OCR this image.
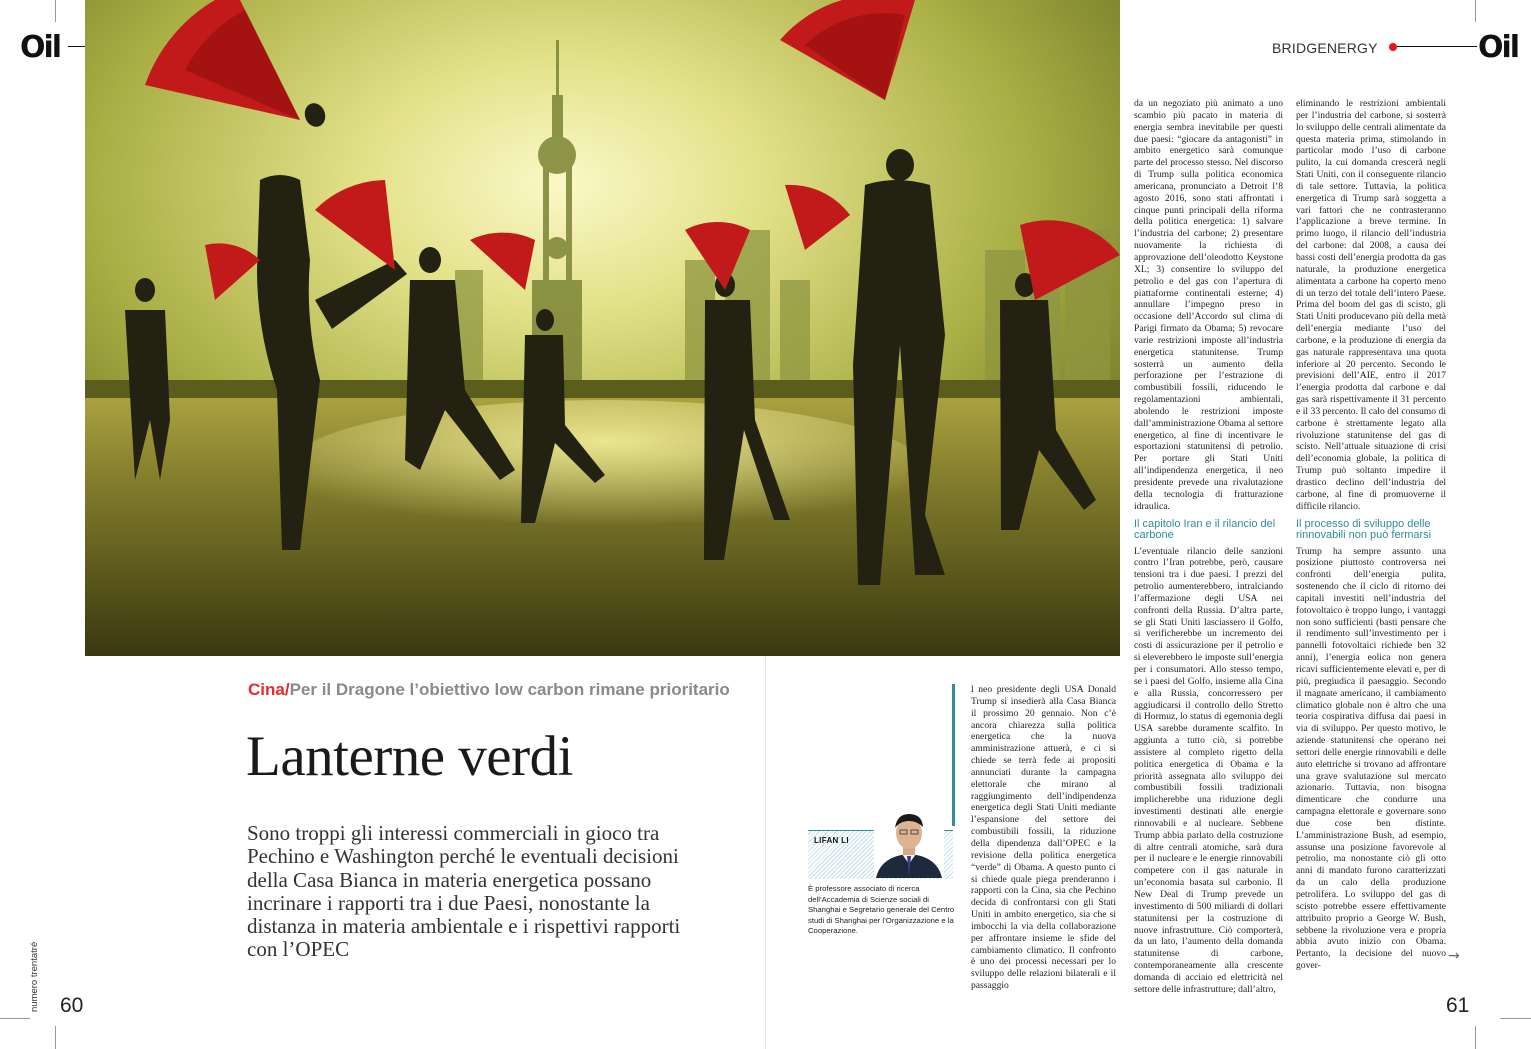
Oil	BRIDGENERGY	Oil
Cina/Per il Dragone l’obiettivo low carbon rimane prioritario
Lanterne verdi
Sono troppi gli interessi commerciali in gioco tra Pechino e Washington perché le eventuali decisioni della Casa Bianca in materia energetica possano incrinare i rapporti tra i due Paesi, nonostante la distanza in materia ambientale e i rispettivi rapporti con l’OPEC
LIFAN LI
È professore associato di ricerca dell’Accademia di Scienze sociali di Shanghai e Segretario generale del Centro studi di Shanghai per l’Organizzazione e la Cooperazione.

l neo presidente degli USA Donald Trump si insedierà alla Casa Bianca il prossimo 20 gennaio. Non c’è ancora chiarezza sulla politica energetica che la nuova amministrazione attuerà, e ci si chiede se terrà fede ai propositi annunciati durante la campagna elettorale che mirano al raggiungimento dell’indipendenza energetica degli Stati Uniti mediante l’espansione del settore dei combustibili fossili, la riduzione della dipendenza dall’OPEC e la revisione della politica energetica “verde” di Obama. A questo punto ci si chiede quale piega prenderanno i rapporti con la Cina, sia che Pechino decida di confrontarsi con gli Stati Uniti in ambito energetico, sia che si imbocchi la via della collaborazione per affrontare insieme le sfide del cambiamento climatico. Il confronto è uno dei processi necessari per lo sviluppo delle relazioni bilaterali e il passaggio

da un negoziato più animato a uno scambio più pacato in materia di energia sembra inevitabile per questi due paesi: “giocare da antagonisti” in ambito energetico sarà comunque parte del processo stesso. Nel discorso di Trump sulla politica economica americana, pronunciato a Detroit l’8 agosto 2016, sono stati affrontati i cinque punti principali della riforma della politica energetica: 1) salvare l’industria del carbone; 2) presentare nuovamente la richiesta di approvazione dell’oleodotto Keystone XL; 3) consentire lo sviluppo del petrolio e del gas con l’apertura di piattaforme continentali esterne; 4) annullare l’impegno preso in occasione dell’Accordo sul clima di Parigi firmato da Obama; 5) revocare varie restrizioni imposte all’industria energetica statunitense. Trump sosterrà un aumento della perforazione per l’estrazione di combustibili fossili, riducendo le regolamentazioni ambientali, abolendo le restrizioni imposte dall’amministrazione Obama al settore energetico, al fine di incentivare le esportazioni statunitensi di petrolio. Per portare gli Stati Uniti all’indipendenza energetica, il neo presidente prevede una rivalutazione della tecnologia di fratturazione idraulica.

Il capitolo Iran e il rilancio del carbone

L’eventuale rilancio delle sanzioni contro l’Iran potrebbe, però, causare tensioni tra i due paesi. I prezzi del petrolio aumenterebbero, intralciando l’affermazione degli USA nei confronti della Russia. D’altra parte, se gli Stati Uniti lasciassero il Golfo, si verificherebbe un incremento dei costi di assicurazione per il petrolio e si eleverebbero le imposte sull’energia per i consumatori. Allo stesso tempo, se i paesi del Golfo, insieme alla Cina e alla Russia, concorressero per aggiudicarsi il controllo dello Stretto di Hormuz, lo status di egemonia degli USA sarebbe duramente scalfito. In aggiunta a tutto ciò, si potrebbe assistere al completo rigetto della politica energetica di Obama e la priorità assegnata allo sviluppo dei combustibili fossili tradizionali implicherebbe una riduzione degli investimenti destinati alle energie rinnovabili e al nucleare. Sebbene Trump abbia parlato della costruzione di altre centrali atomiche, sarà dura per il nucleare e le energie rinnovabili competere con il gas naturale in un’economia basata sul carbonio. Il New Deal di Trump prevede un investimento di 500 miliardi di dollari statunitensi per la costruzione di nuove infrastrutture. Ciò comporterà, da un lato, l’aumento della domanda statunitense di carbone, contemporaneamente alla crescente domanda di acciaio ed elettricità nel settore delle infrastrutture; dall’altro,

eliminando le restrizioni ambientali per l’industria del carbone, si sosterrà lo sviluppo delle centrali alimentate da questa materia prima, stimolando in particolar modo l’uso di carbone pulito, la cui domanda crescerà negli Stati Uniti, con il conseguente rilancio di tale settore. Tuttavia, la politica energetica di Trump sarà soggetta a vari fattori che ne contrasteranno l’applicazione a breve termine. In primo luogo, il rilancio dell’industria del carbone: dal 2008, a causa dei bassi costi dell’energia prodotta da gas naturale, la produzione energetica alimentata a carbone ha coperto meno di un terzo del totale dell’intero Paese. Prima del boom del gas di scisto, gli Stati Uniti producevano più della metà dell’energia mediante l’uso del carbone, e la produzione di energia da gas naturale rappresentava una quota inferiore al 20 percento. Secondo le previsioni dell’AIE, entro il 2017 l’energia prodotta dal carbone e dal gas sarà rispettivamente il 31 percento e il 33 percento. Il calo del consumo di carbone è strettamente legato alla rivoluzione statunitense del gas di scisto. Nell’attuale situazione di crisi dell’economia globale, la politica di Trump può soltanto impedire il drastico declino dell’industria del carbone, al fine di promuoverne il difficile rilancio.

Il processo di sviluppo delle rinnovabili non può fermarsi

Trump ha sempre assunto una posizione piuttosto controversa nei confronti dell’energia pulita, sostenendo che il ciclo di ritorno dei capitali investiti nell’industria del fotovoltaico è troppo lungo, i vantaggi non sono sufficienti (basti pensare che il rendimento sull’investimento per i pannelli fotovoltaici richiede ben 32 anni), l’energia eolica non genera ricavi sufficientemente elevati e, per di più, pregiudica il paesaggio. Secondo il magnate americano, il cambiamento climatico globale non è altro che una teoria cospirativa diffusa dai paesi in via di sviluppo. Per questo motivo, le aziende statunitensi che operano nei settori delle energie rinnovabili e delle auto elettriche si trovano ad affrontare una grave svalutazione sul mercato azionario. Tuttavia, non bisogna dimenticare che condurre una campagna elettorale e governare sono due cose ben distinte. L’amministrazione Bush, ad esempio, assunse una posizione favorevole al petrolio, ma nonostante ciò gli otto anni di mandato furono caratterizzati da un calo della produzione petrolifera. Lo sviluppo del gas di scisto potrebbe essere effettivamente attribuito proprio a George W. Bush, sebbene la rivoluzione vera e propria abbia avuto inizio con Obama. Pertanto, la decisione del nuovo gover-

→
numero trentatré 60	61
